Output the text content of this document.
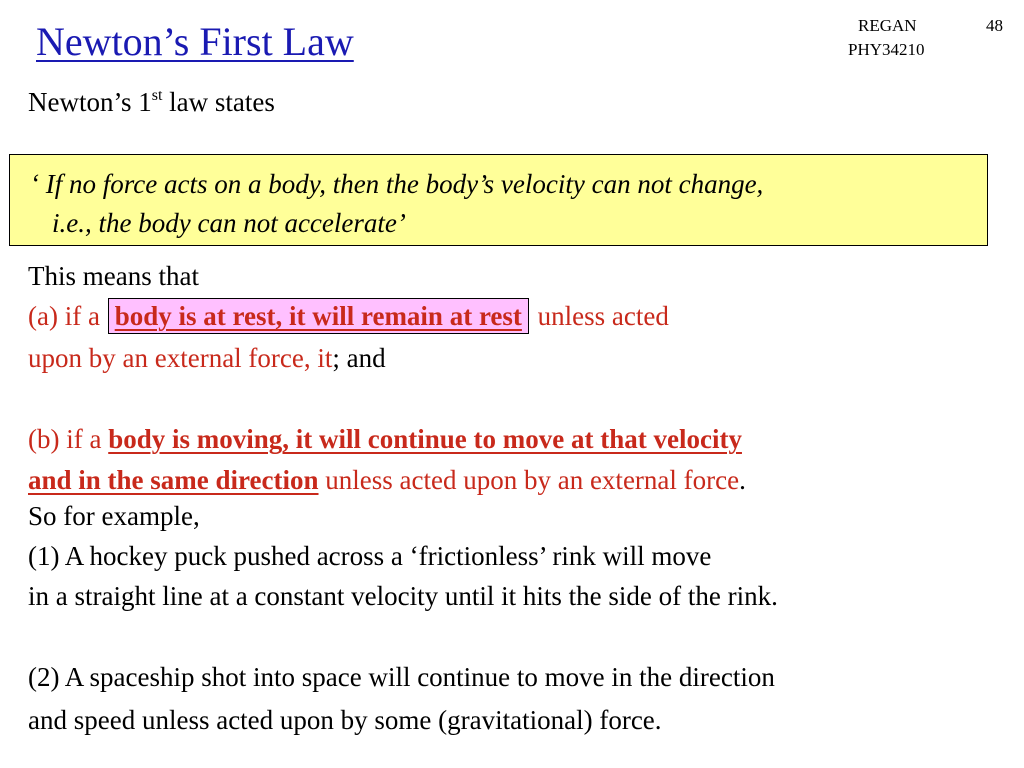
Newton’s First Law	REGAN
PHY34210
48
Newton’s 1st law states
‘ If no force acts on a body, then the body’s velocity can not change,
i.e., the body can not accelerate’
This means that
(a) if a body is at rest, it will remain at rest unless acted
upon by an external force, it; and
(b) if a body is moving, it will continue to move at that velocity
and in the same direction unless acted upon by an external force.
So for example,
(1) A hockey puck pushed across a ‘frictionless’ rink will move
in a straight line at a constant velocity until it hits the side of the rink.
(2) A spaceship shot into space will continue to move in the direction
and speed unless acted upon by some (gravitational) force.
